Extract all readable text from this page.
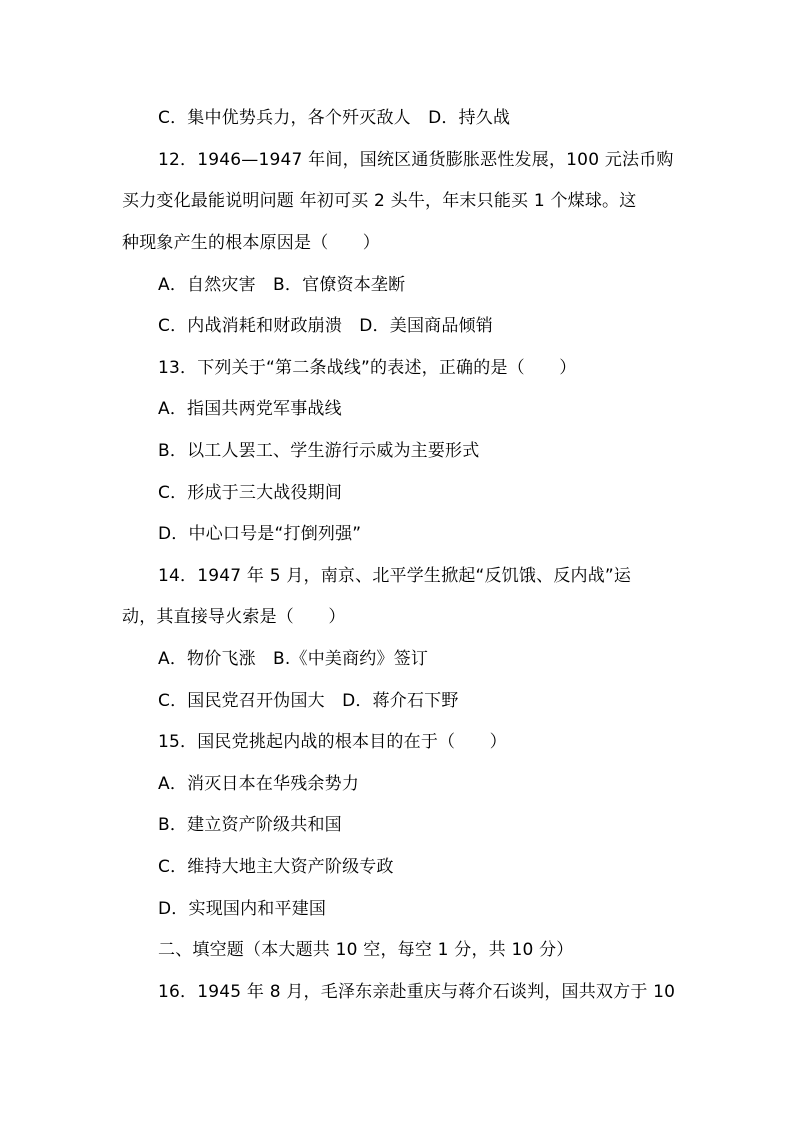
C．集中优势兵力，各个歼灭敌人　D．持久战
12．1946—1947 年间，国统区通货膨胀恶性发展，100 元法币购
买力变化最能说明问题 年初可买 2 头牛，年末只能买 1 个煤球。这
种现象产生的根本原因是（　　）
A．自然灾害　B．官僚资本垄断
C．内战消耗和财政崩溃　D．美国商品倾销
13．下列关于“第二条战线”的表述，正确的是（　　）
A．指国共两党军事战线
B．以工人罢工、学生游行示威为主要形式
C．形成于三大战役期间
D．中心口号是“打倒列强”
14．1947 年 5 月，南京、北平学生掀起“反饥饿、反内战”运
动，其直接导火索是（　　）
A．物价飞涨　B.《中美商约》签订
C．国民党召开伪国大　D．蒋介石下野
15．国民党挑起内战的根本目的在于（　　）
A．消灭日本在华残余势力
B．建立资产阶级共和国
C．维持大地主大资产阶级专政
D．实现国内和平建国
二、填空题（本大题共 10 空，每空 1 分，共 10 分）
16．1945 年 8 月，毛泽东亲赴重庆与蒋介石谈判，国共双方于 10
